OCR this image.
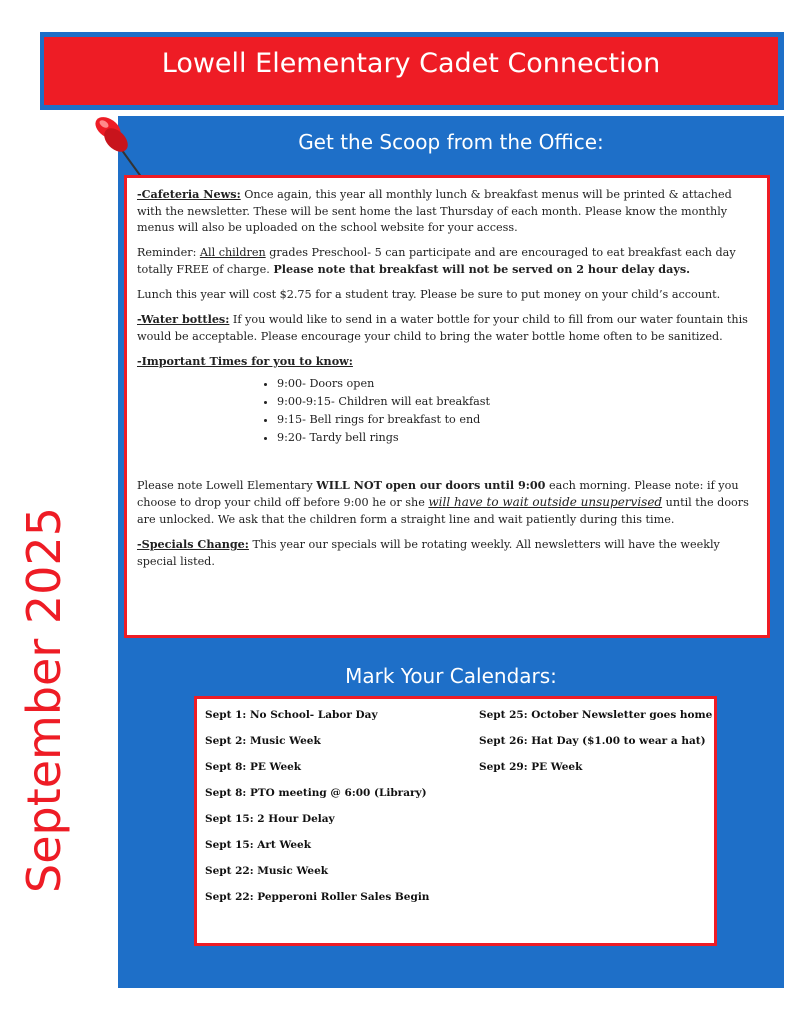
Lowell Elementary Cadet Connection
September 2025
Get the Scoop from the Office:

-Cafeteria News: Once again, this year all monthly lunch & breakfast menus will be printed & attached with the newsletter. These will be sent home the last Thursday of each month. Please know the monthly menus will also be uploaded on the school website for your access.

Reminder: All children grades Preschool- 5 can participate and are encouraged to eat breakfast each day totally FREE of charge. Please note that breakfast will not be served on 2 hour delay days.

Lunch this year will cost $2.75 for a student tray. Please be sure to put money on your child’s account.

-Water bottles: If you would like to send in a water bottle for your child to fill from our water fountain this would be acceptable. Please encourage your child to bring the water bottle home often to be sanitized.

-Important Times for you to know:

• 9:00- Doors open
• 9:00-9:15- Children will eat breakfast
• 9:15- Bell rings for breakfast to end
• 9:20- Tardy bell rings

Please note Lowell Elementary WILL NOT open our doors until 9:00 each morning. Please note: if you choose to drop your child off before 9:00 he or she will have to wait outside unsupervised until the doors are unlocked. We ask that the children form a straight line and wait patiently during this time.

-Specials Change: This year our specials will be rotating weekly. All newsletters will have the weekly special listed.

Mark Your Calendars:
Sept 1: No School- Labor Day
Sept 2: Music Week
Sept 8: PE Week
Sept 8: PTO meeting @ 6:00 (Library)
Sept 15: 2 Hour Delay
Sept 15: Art Week
Sept 22: Music Week
Sept 22: Pepperoni Roller Sales Begin
Sept 25: October Newsletter goes home
Sept 26: Hat Day ($1.00 to wear a hat)
Sept 29: PE Week
